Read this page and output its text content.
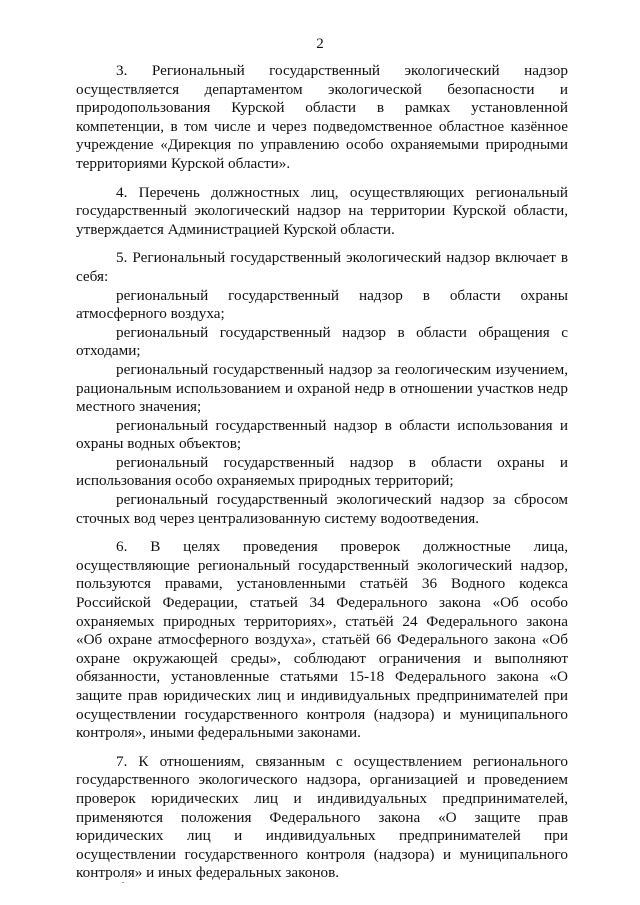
2

3. Региональный государственный экологический надзор осуществляется департаментом экологической безопасности и природопользования Курской области в рамках установленной компетенции, в том числе и через подведомственное областное казённое учреждение «Дирекция по управлению особо охраняемыми природными территориями Курской области».

4. Перечень должностных лиц, осуществляющих региональный государственный экологический надзор на территории Курской области, утверждается Администрацией Курской области.

5. Региональный государственный экологический надзор включает в себя:

региональный государственный надзор в области охраны атмосферного воздуха;

региональный государственный надзор в области обращения с отходами;

региональный государственный надзор за геологическим изучением, рациональным использованием и охраной недр в отношении участков недр местного значения;

региональный государственный надзор в области использования и охраны водных объектов;

региональный государственный надзор в области охраны и использования особо охраняемых природных территорий;

региональный государственный экологический надзор за сбросом сточных вод через централизованную систему водоотведения.

6. В целях проведения проверок должностные лица, осуществляющие региональный государственный экологический надзор, пользуются правами, установленными статьёй 36 Водного кодекса Российской Федерации, статьей 34 Федерального закона «Об особо охраняемых природных территориях», статьёй 24 Федерального закона «Об охране атмосферного воздуха», статьёй 66 Федерального закона «Об охране окружающей среды», соблюдают ограничения и выполняют обязанности, установленные статьями 15-18 Федерального закона «О защите прав юридических лиц и индивидуальных предпринимателей при осуществлении государственного контроля (надзора) и муниципального контроля», иными федеральными законами.

7. К отношениям, связанным с осуществлением регионального государственного экологического надзора, организацией и проведением проверок юридических лиц и индивидуальных предпринимателей, применяются положения Федерального закона «О защите прав юридических лиц и индивидуальных предпринимателей при осуществлении государственного контроля (надзора) и муниципального контроля» и иных федеральных законов.
